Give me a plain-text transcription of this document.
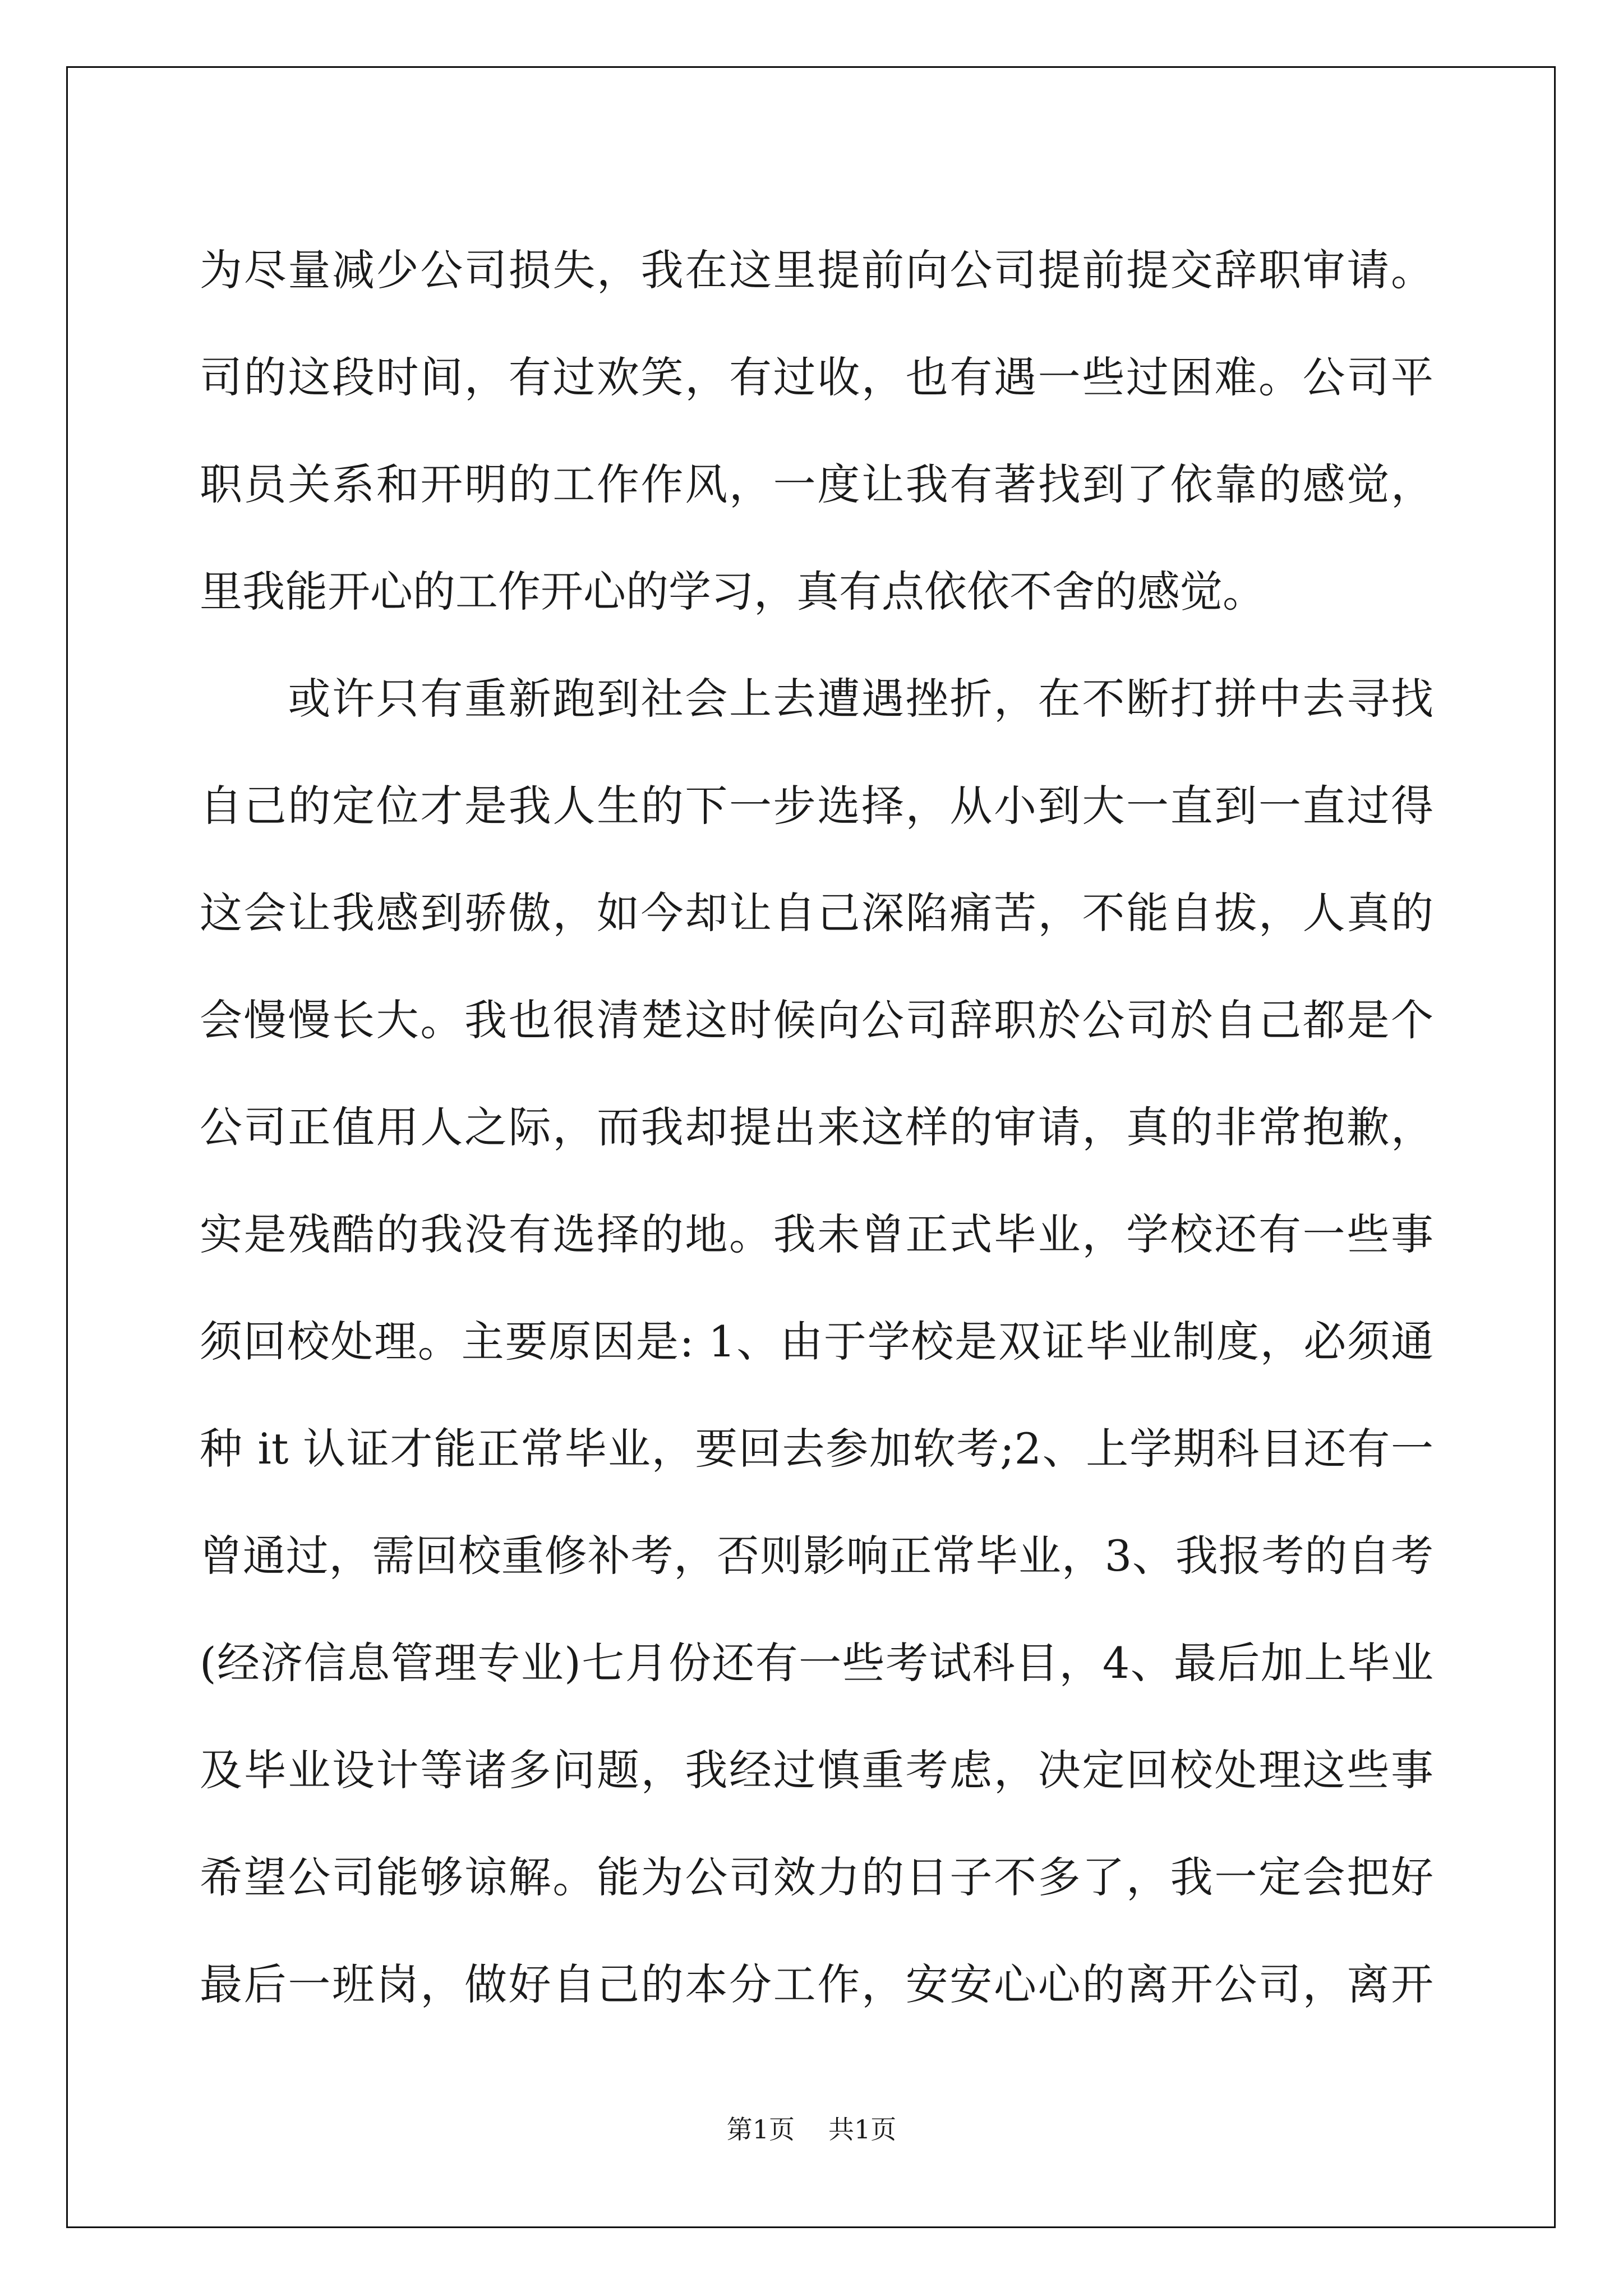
为尽量减少公司损失，我在这里提前向公司提前提交辞职审请。
司的这段时间，有过欢笑，有过收，也有遇一些过困难。公司平
职员关系和开明的工作作风，一度让我有著找到了依靠的感觉，
里我能开心的工作开心的学习，真有点依依不舍的感觉。
　　或许只有重新跑到社会上去遭遇挫折，在不断打拼中去寻找
自己的定位才是我人生的下一步选择，从小到大一直到一直过得
这会让我感到骄傲，如今却让自己深陷痛苦，不能自拔，人真的
会慢慢长大。我也很清楚这时候向公司辞职於公司於自己都是个
公司正值用人之际，而我却提出来这样的审请，真的非常抱歉，
实是残酷的我没有选择的地。我未曾正式毕业，学校还有一些事
须回校处理。主要原因是: 1、由于学校是双证毕业制度，必须通
种 it 认证才能正常毕业，要回去参加软考;2、上学期科目还有一
曾通过，需回校重修补考，否则影响正常毕业，3、我报考的自考
(经济信息管理专业)七月份还有一些考试科目，4、最后加上毕业
及毕业设计等诸多问题，我经过慎重考虑，决定回校处理这些事
希望公司能够谅解。能为公司效力的日子不多了，我一定会把好
最后一班岗，做好自己的本分工作，安安心心的离开公司，离开
第1页 共1页
